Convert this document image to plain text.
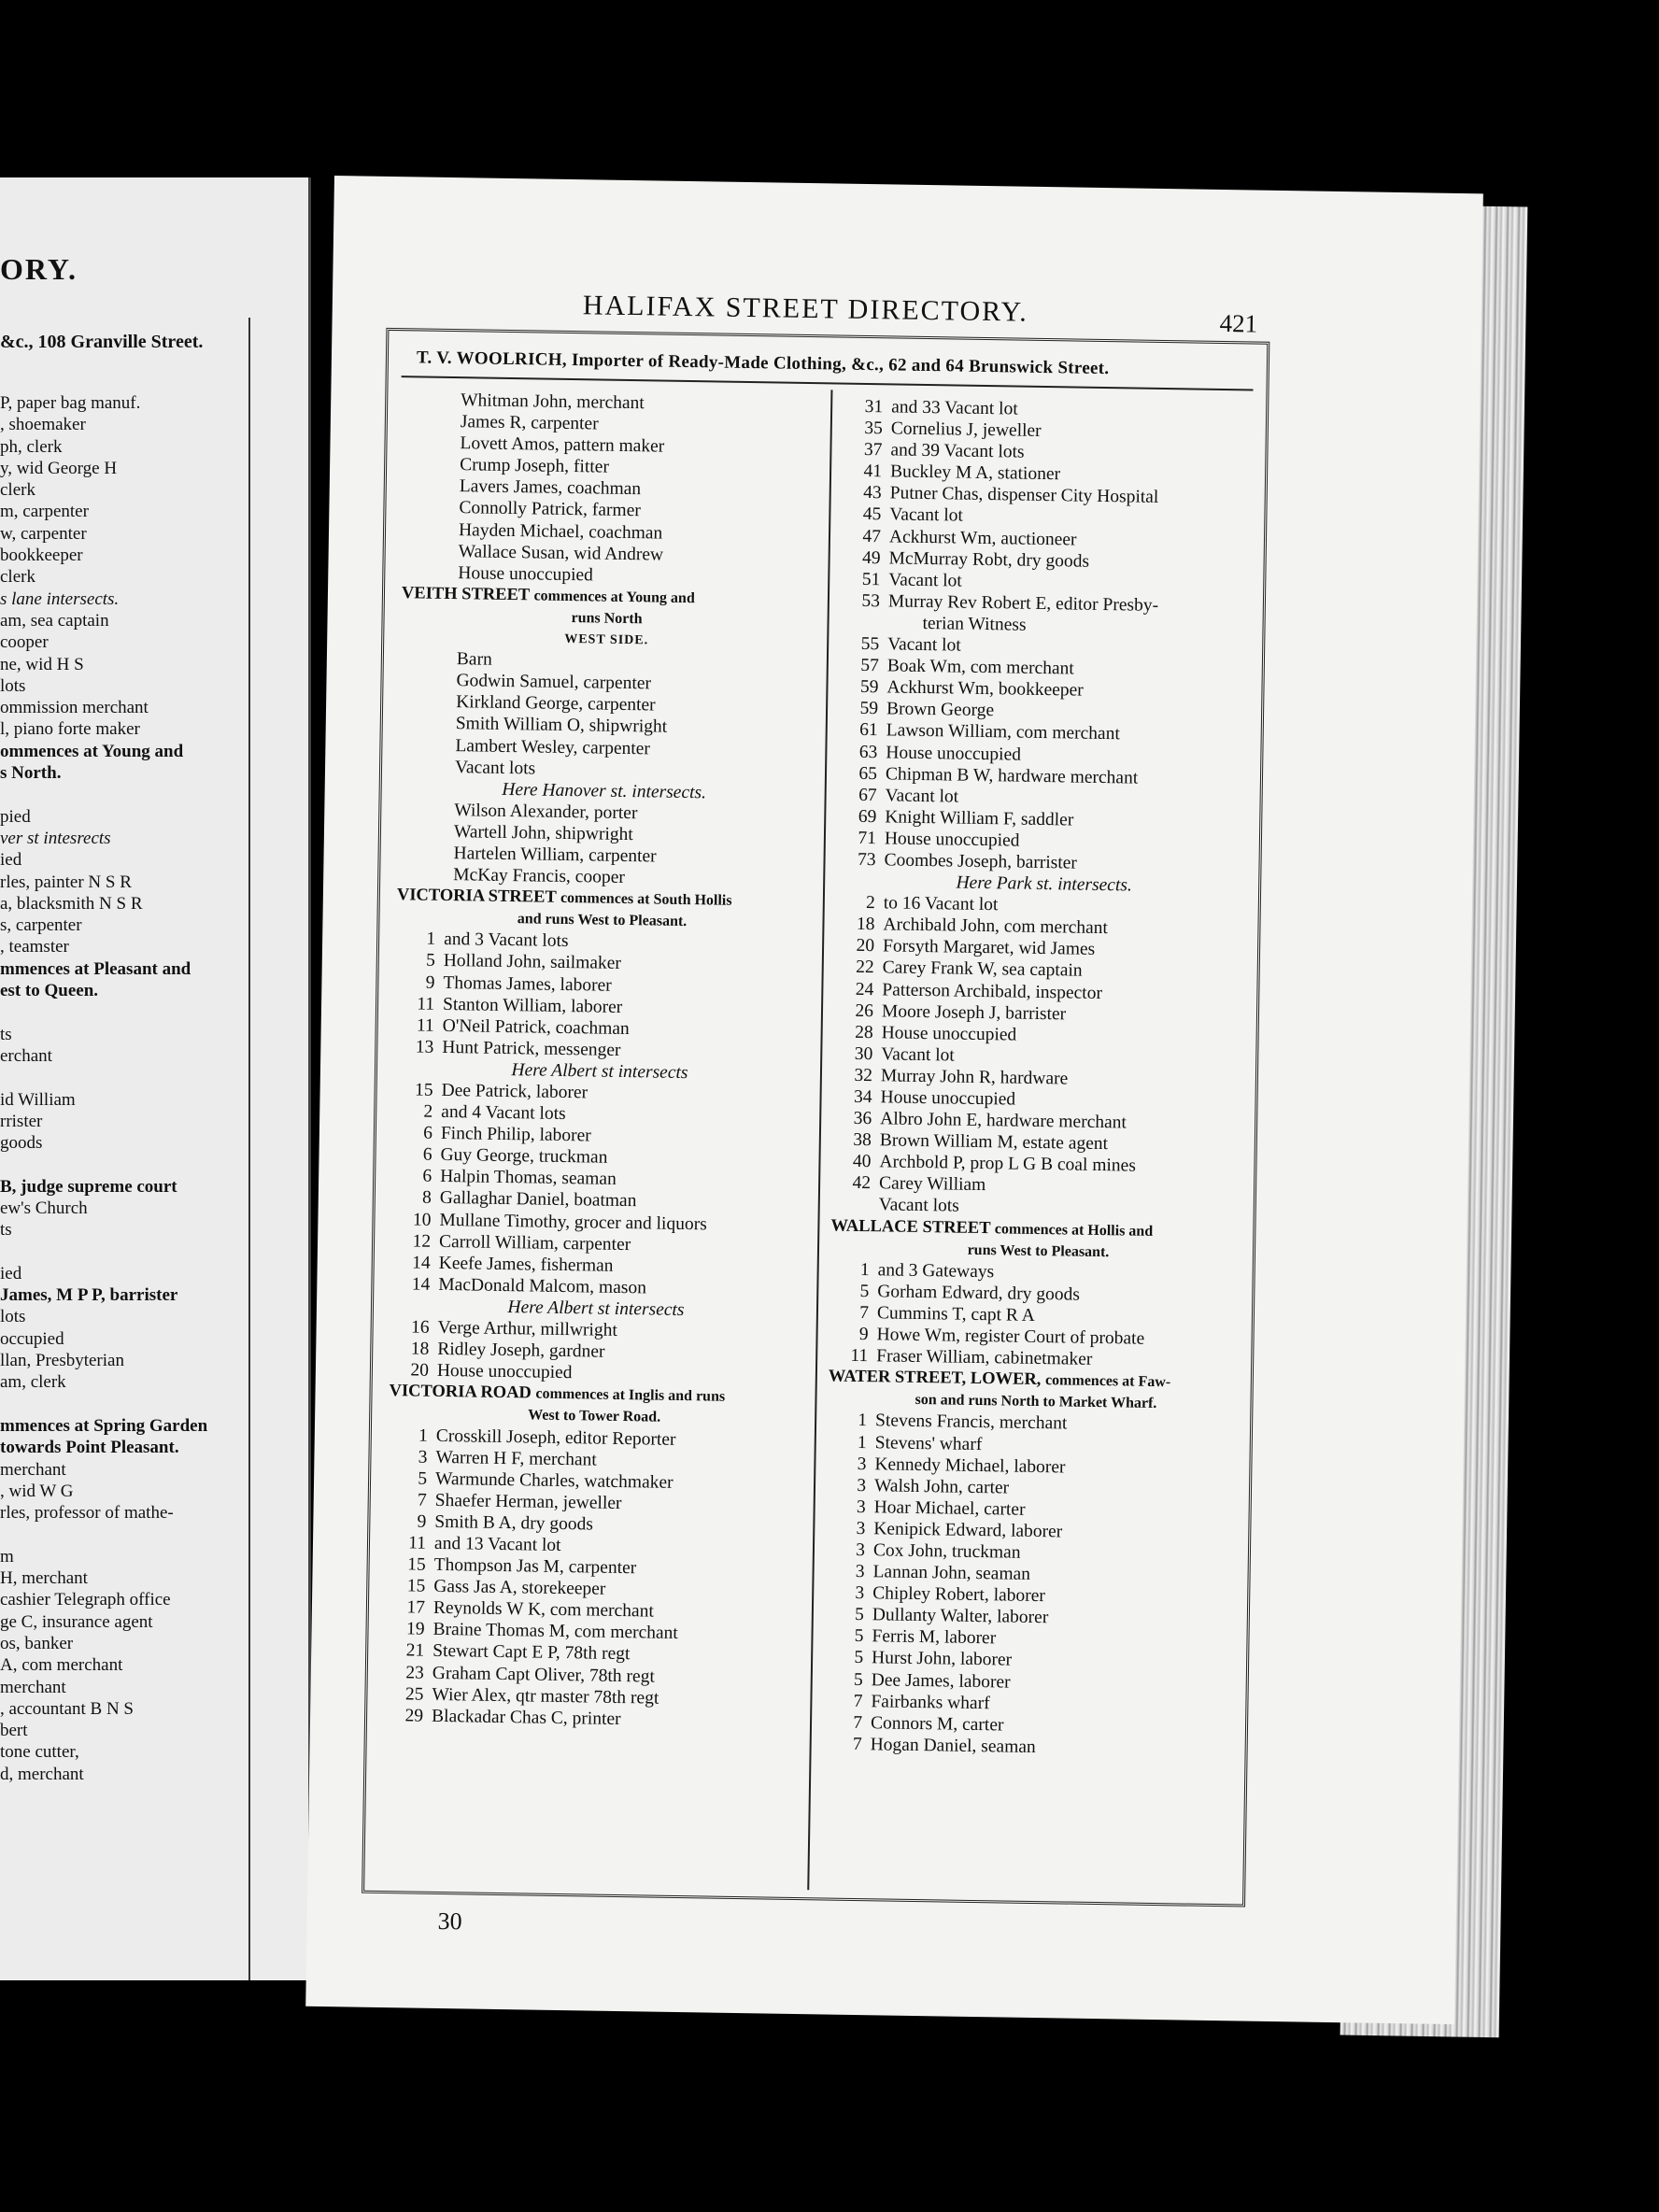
ORY.
&c., 108 Granville Street.
P, paper bag manuf.
, shoemaker
ph, clerk
y, wid George H
clerk
m, carpenter
w, carpenter
bookkeeper
clerk
s lane intersects.
am, sea captain
cooper
ne, wid H S
lots
ommission merchant
l, piano forte maker
ommences at Young and
s North.

pied
ver st intesrects
ied
rles, painter N S R
a, blacksmith N S R
s, carpenter
, teamster
mmences at Pleasant and
est to Queen.

ts
erchant

id William
rrister
goods

B, judge supreme court
ew's Church
ts

ied
James, M P P, barrister
lots
occupied
llan, Presbyterian
am, clerk

mmences at Spring Garden
towards Point Pleasant.
merchant
, wid W G
rles, professor of mathe-

m
H, merchant
cashier Telegraph office
ge C, insurance agent
os, banker
A, com merchant
merchant
, accountant B N S
bert
tone cutter,
d, merchant
HALIFAX STREET DIRECTORY.	421
T. V. WOOLRICH, Importer of Ready-Made Clothing, &c., 62 and 64 Brunswick Street.
Whitman John, merchant
James R, carpenter
Lovett Amos, pattern maker
Crump Joseph, fitter
Lavers James, coachman
Connolly Patrick, farmer
Hayden Michael, coachman
Wallace Susan, wid Andrew
House unoccupied
VEITH STREET commences at Young and
runs North
WEST SIDE.
Barn
Godwin Samuel, carpenter
Kirkland George, carpenter
Smith William O, shipwright
Lambert Wesley, carpenter
Vacant lots
Here Hanover st. intersects.
Wilson Alexander, porter
Wartell John, shipwright
Hartelen William, carpenter
McKay Francis, cooper
VICTORIA STREET commences at South Hollis
and runs West to Pleasant.
1 and 3 Vacant lots
5 Holland John, sailmaker
9 Thomas James, laborer
11 Stanton William, laborer
11 O'Neil Patrick, coachman
13 Hunt Patrick, messenger
Here Albert st intersects
15 Dee Patrick, laborer
2 and 4 Vacant lots
6 Finch Philip, laborer
6 Guy George, truckman
6 Halpin Thomas, seaman
8 Gallaghar Daniel, boatman
10 Mullane Timothy, grocer and liquors
12 Carroll William, carpenter
14 Keefe James, fisherman
14 MacDonald Malcom, mason
Here Albert st intersects
16 Verge Arthur, millwright
18 Ridley Joseph, gardner
20 House unoccupied
VICTORIA ROAD commences at Inglis and runs
West to Tower Road.
1 Crosskill Joseph, editor Reporter
3 Warren H F, merchant
5 Warmunde Charles, watchmaker
7 Shaefer Herman, jeweller
9 Smith B A, dry goods
11 and 13 Vacant lot
15 Thompson Jas M, carpenter
15 Gass Jas A, storekeeper
17 Reynolds W K, com merchant
19 Braine Thomas M, com merchant
21 Stewart Capt E P, 78th regt
23 Graham Capt Oliver, 78th regt
25 Wier Alex, qtr master 78th regt
29 Blackadar Chas C, printer
31 and 33 Vacant lot
35 Cornelius J, jeweller
37 and 39 Vacant lots
41 Buckley M A, stationer
43 Putner Chas, dispenser City Hospital
45 Vacant lot
47 Ackhurst Wm, auctioneer
49 McMurray Robt, dry goods
51 Vacant lot
53 Murray Rev Robert E, editor Presby-
terian Witness
55 Vacant lot
57 Boak Wm, com merchant
59 Ackhurst Wm, bookkeeper
59 Brown George
61 Lawson William, com merchant
63 House unoccupied
65 Chipman B W, hardware merchant
67 Vacant lot
69 Knight William F, saddler
71 House unoccupied
73 Coombes Joseph, barrister
Here Park st. intersects.
2 to 16 Vacant lot
18 Archibald John, com merchant
20 Forsyth Margaret, wid James
22 Carey Frank W, sea captain
24 Patterson Archibald, inspector
26 Moore Joseph J, barrister
28 House unoccupied
30 Vacant lot
32 Murray John R, hardware
34 House unoccupied
36 Albro John E, hardware merchant
38 Brown William M, estate agent
40 Archbold P, prop L G B coal mines
42 Carey William
Vacant lots
WALLACE STREET commences at Hollis and
runs West to Pleasant.
1 and 3 Gateways
5 Gorham Edward, dry goods
7 Cummins T, capt R A
9 Howe Wm, register Court of probate
11 Fraser William, cabinetmaker
WATER STREET, LOWER, commences at Faw-
son and runs North to Market Wharf.
1 Stevens Francis, merchant
1 Stevens' wharf
3 Kennedy Michael, laborer
3 Walsh John, carter
3 Hoar Michael, carter
3 Kenipick Edward, laborer
3 Cox John, truckman
3 Lannan John, seaman
3 Chipley Robert, laborer
5 Dullanty Walter, laborer
5 Ferris M, laborer
5 Hurst John, laborer
5 Dee James, laborer
7 Fairbanks wharf
7 Connors M, carter
7 Hogan Daniel, seaman
30
